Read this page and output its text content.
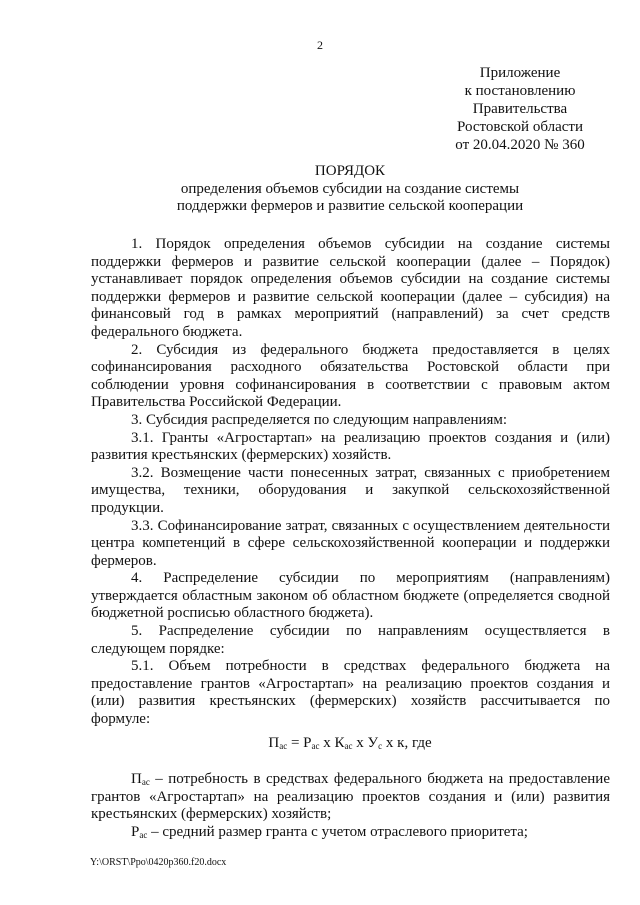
2
Приложение
к постановлению
Правительства
Ростовской области
от 20.04.2020 № 360
ПОРЯДОК
определения объемов субсидии на создание системы
поддержки фермеров и развитие сельской кооперации

1. Порядок определения объемов субсидии на создание системы поддержки фермеров и развитие сельской кооперации (далее – Порядок) устанавливает порядок определения объемов субсидии на создание системы поддержки фермеров и развитие сельской кооперации (далее – субсидия) на финансовый год в рамках мероприятий (направлений) за счет средств федерального бюджета.

2. Субсидия из федерального бюджета предоставляется в целях софинансирования расходного обязательства Ростовской области при соблюдении уровня софинансирования в соответствии с правовым актом Правительства Российской Федерации.

3. Субсидия распределяется по следующим направлениям:

3.1. Гранты «Агростартап» на реализацию проектов создания и (или) развития крестьянских (фермерских) хозяйств.

3.2. Возмещение части понесенных затрат, связанных с приобретением имущества, техники, оборудования и закупкой сельскохозяйственной продукции.

3.3. Софинансирование затрат, связанных с осуществлением деятельности центра компетенций в сфере сельскохозяйственной кооперации и поддержки фермеров.

4. Распределение субсидии по мероприятиям (направлениям) утверждается областным законом об областном бюджете (определяется сводной бюджетной росписью областного бюджета).

5. Распределение субсидии по направлениям осуществляется в следующем порядке:

5.1. Объем потребности в средствах федерального бюджета на предоставление грантов «Агростартап» на реализацию проектов создания и (или) развития крестьянских (фермерских) хозяйств рассчитывается по формуле:

$П_{ас} = Р_{ас}$ х $К_{ас}$ х $У_с$ х к, где

$П_{ас}$ – потребность в средствах федерального бюджета на предоставление грантов «Агростартап» на реализацию проектов создания и (или) развития крестьянских (фермерских) хозяйств;

$Р_{ас}$ – средний размер гранта с учетом отраслевого приоритета;

Y:\ORST\Ppo\0420p360.f20.docx
